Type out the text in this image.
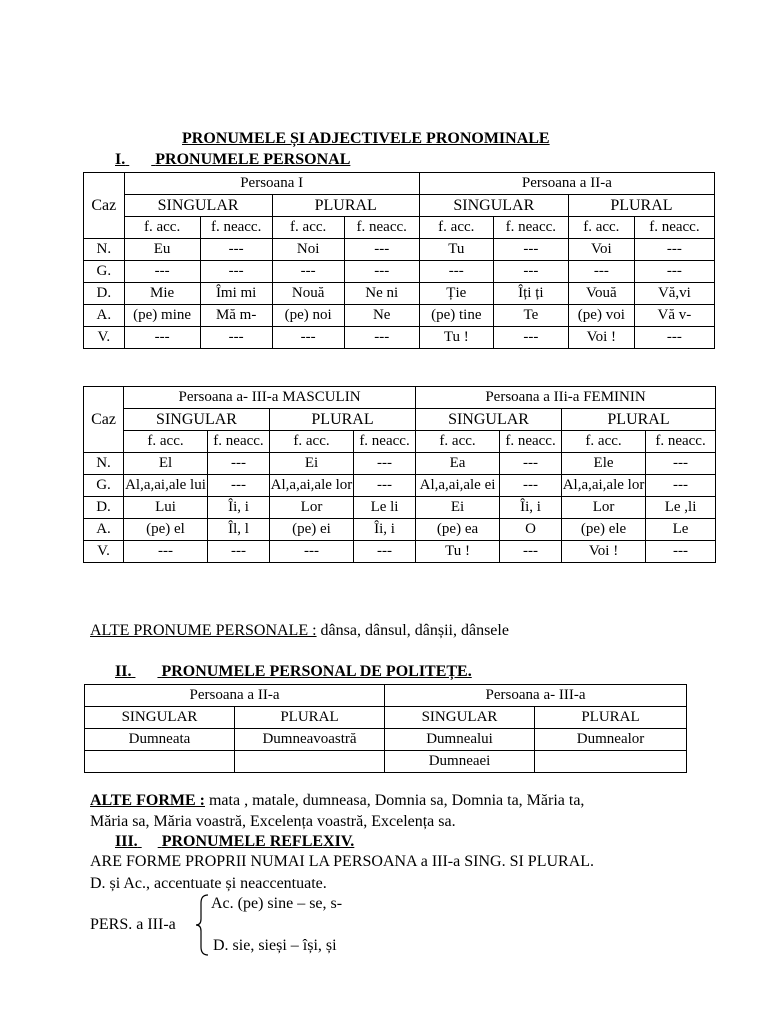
PRONUMELE ȘI ADJECTIVELE PRONOMINALE
I. PRONUMELE PERSONAL
Caz	Persoana I				Persoana a II-a			
	SINGULAR		PLURAL		SINGULAR		PLURAL	
	f. acc.	f. neacc.	f. acc.	f. neacc.	f. acc.	f. neacc.	f. acc.	f. neacc.
N.	Eu	---	Noi	---	Tu	---	Voi	---
G.	---	---	---	---	---	---	---	---
D.	Mie	Îmi mi	Nouă	Ne ni	Ție	Îți ți	Vouă	Vă,vi
A.	(pe) mine	Mă m-	(pe) noi	Ne	(pe) tine	Te	(pe) voi	Vă v-
V.	---	---	---	---	Tu !	---	Voi !	---
Caz	Persoana a- III-a MASCULIN				Persoana a IIi-a FEMININ			
	SINGULAR		PLURAL		SINGULAR		PLURAL	
	f. acc.	f. neacc.	f. acc.	f. neacc.	f. acc.	f. neacc.	f. acc.	f. neacc.
N.	El	---	Ei	---	Ea	---	Ele	---
G.	Al,a,ai,ale lui	---	Al,a,ai,ale lor	---	Al,a,ai,ale ei	---	Al,a,ai,ale lor	---
D.	Lui	Îi, i	Lor	Le li	Ei	Îi, i	Lor	Le ,li
A.	(pe) el	Îl, l	(pe) ei	Îi, i	(pe) ea	O	(pe) ele	Le
V.	---	---	---	---	Tu !	---	Voi !	---
ALTE PRONUME PERSONALE : dânsa, dânsul, dânșii, dânsele
II. PRONUMELE PERSONAL DE POLITEȚE.
Persoana a II-a		Persoana a- III-a	
SINGULAR	PLURAL	SINGULAR	PLURAL
Dumneata	Dumneavoastră	Dumnealui	Dumnealor
		Dumneaei	
ALTE FORME : mata , matale, dumneasa, Domnia sa, Domnia ta, Măria ta,
Măria sa, Măria voastră, Excelența voastră, Excelența sa.
III. PRONUMELE REFLEXIV.
ARE FORME PROPRII NUMAI LA PERSOANA a III-a SING. SI PLURAL.
D. și Ac., accentuate și neaccentuate.
PERS. a III-a
Ac. (pe) sine – se, s-
D. sie, sieși – își, și
